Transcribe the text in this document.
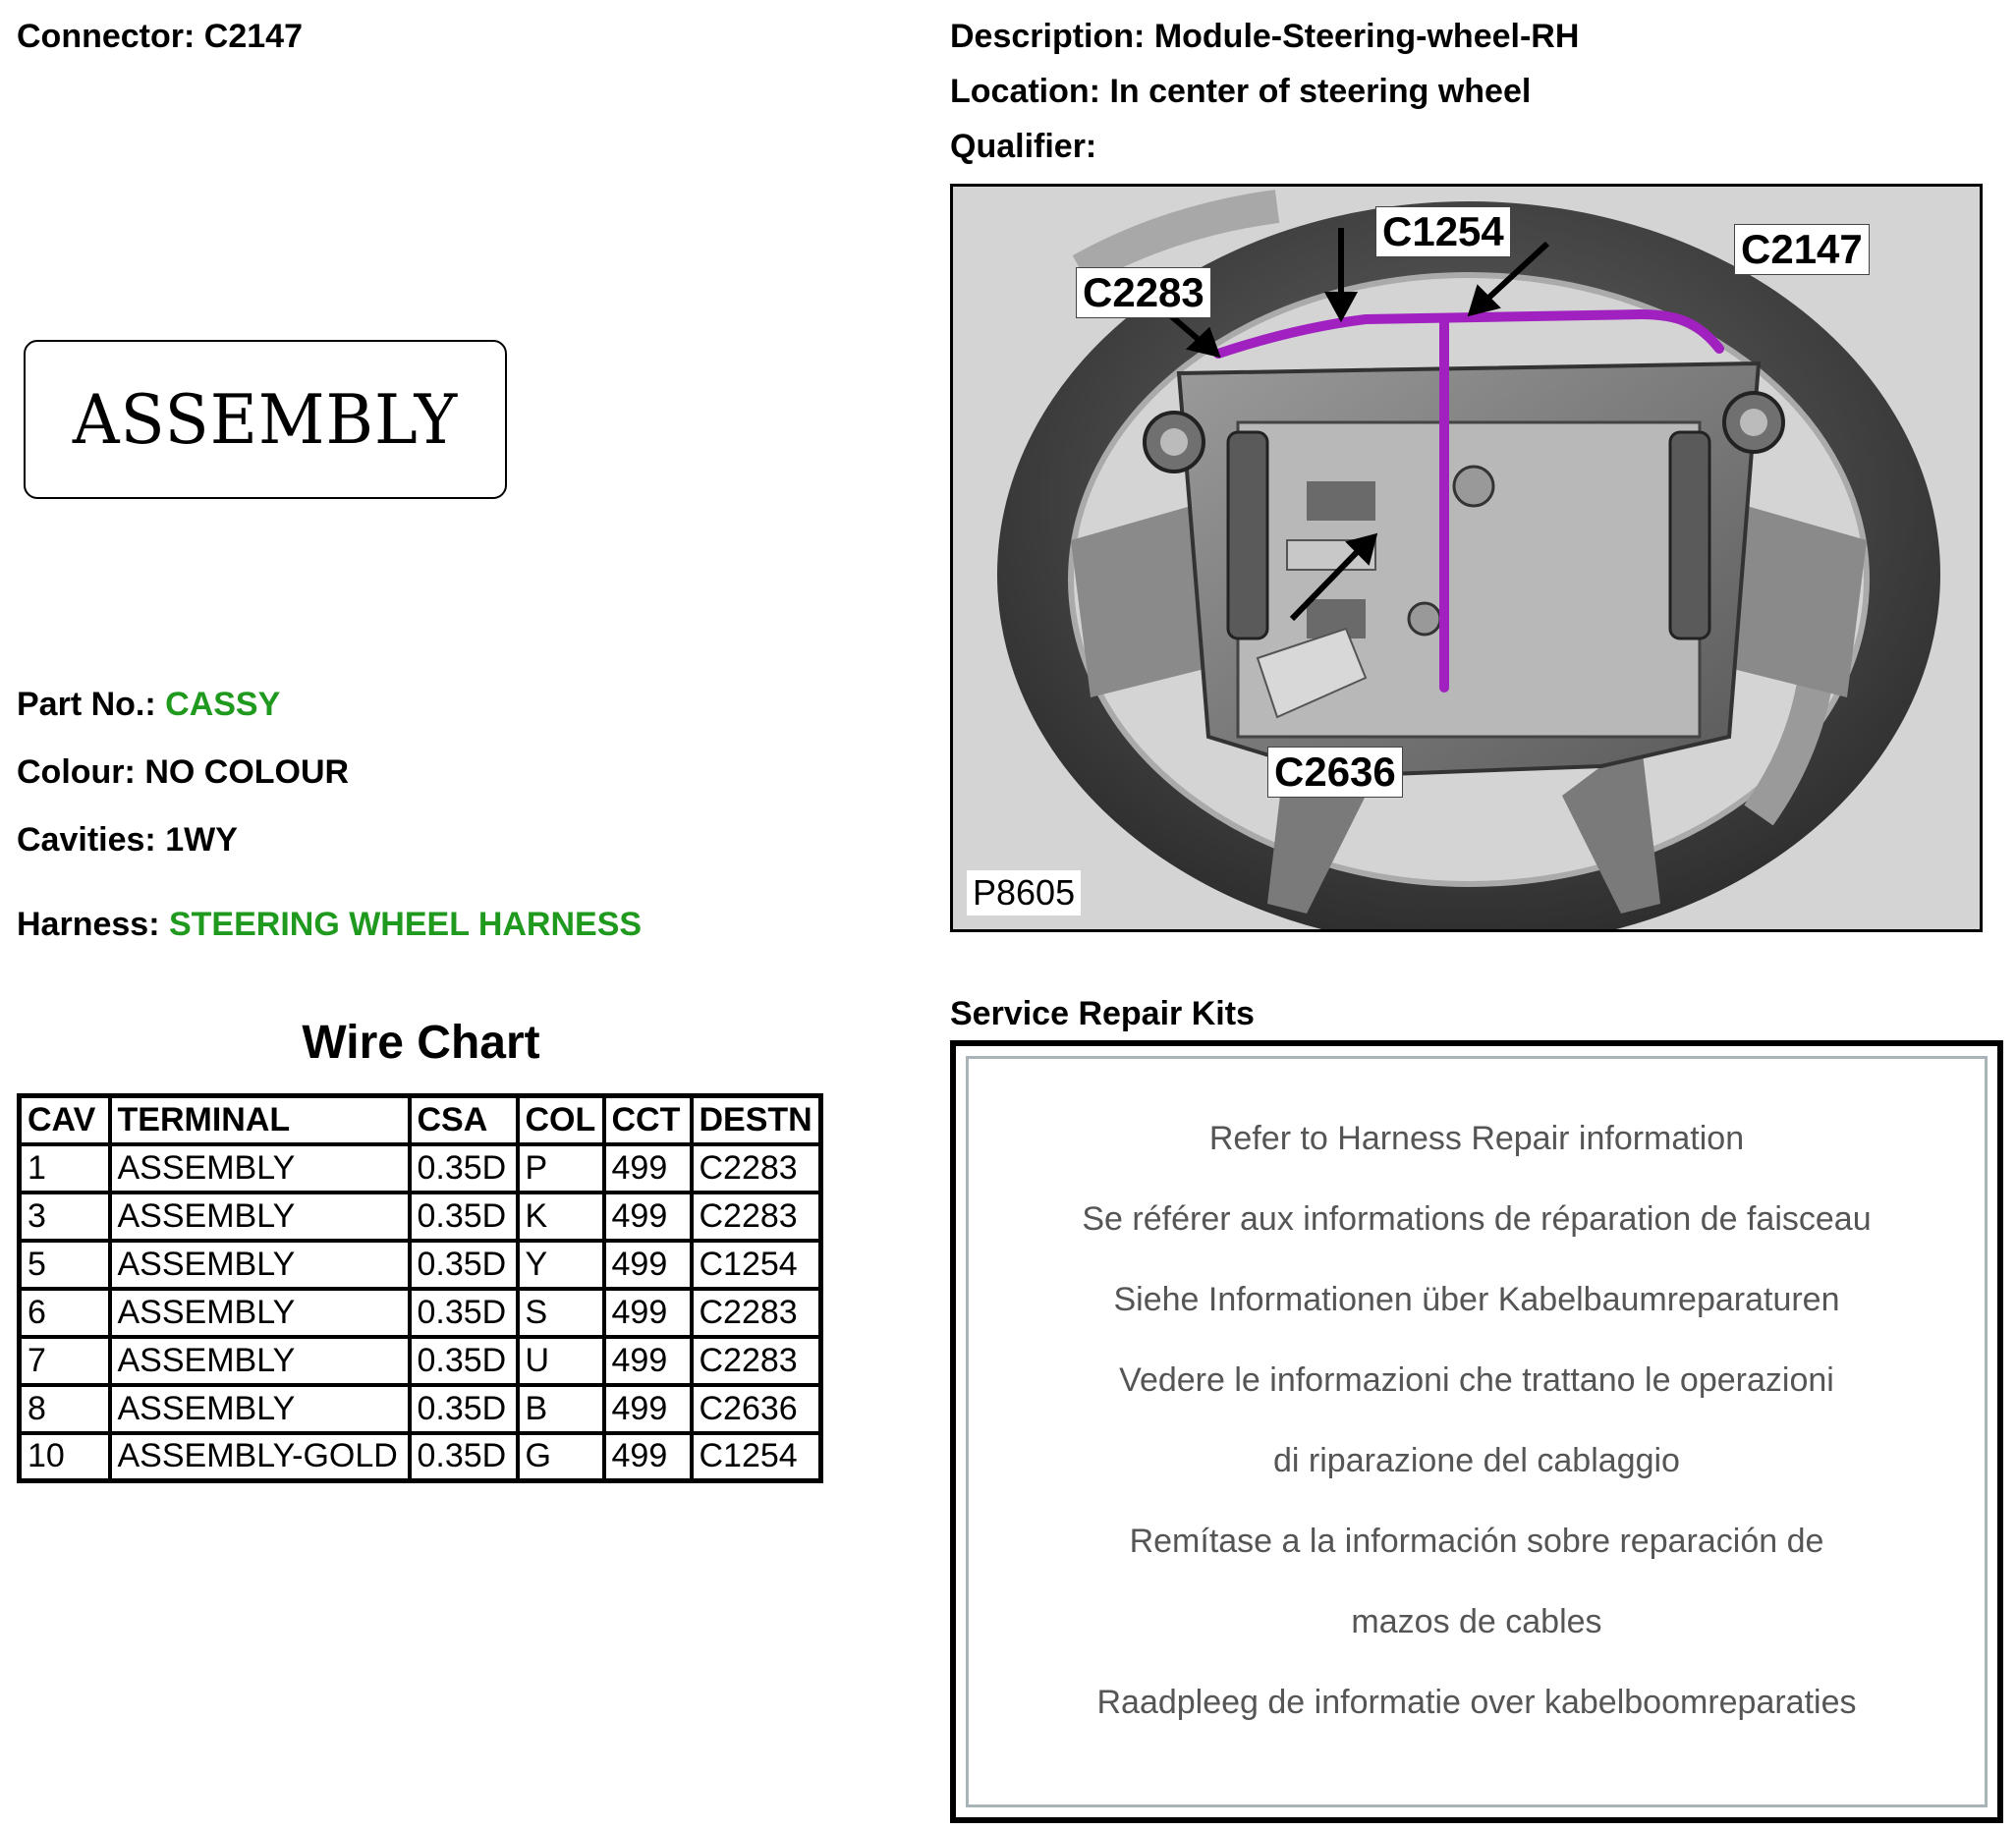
Connector: C2147	Description: Module-Steering-wheel-RH
Location: In center of steering wheel
Qualifier:
ASSEMBLY
Part No.: CASSY
Colour: NO COLOUR
Cavities: 1WY
Harness: STEERING WHEEL HARNESS
Wire Chart
CAV	TERMINAL	CSA	COL	CCT	DESTN
1	ASSEMBLY	0.35D	P	499	C2283
3	ASSEMBLY	0.35D	K	499	C2283
5	ASSEMBLY	0.35D	Y	499	C1254
6	ASSEMBLY	0.35D	S	499	C2283
7	ASSEMBLY	0.35D	U	499	C2283
8	ASSEMBLY	0.35D	B	499	C2636
10	ASSEMBLY-GOLD	0.35D	G	499	C1254
C1254	C2147
C2283
C2636
P8605
Service Repair Kits
Refer to Harness Repair information
Se référer aux informations de réparation de faisceau
Siehe Informationen über Kabelbaumreparaturen
Vedere le informazioni che trattano le operazioni
di riparazione del cablaggio
Remítase a la información sobre reparación de
mazos de cables
Raadpleeg de informatie over kabelboomreparaties
